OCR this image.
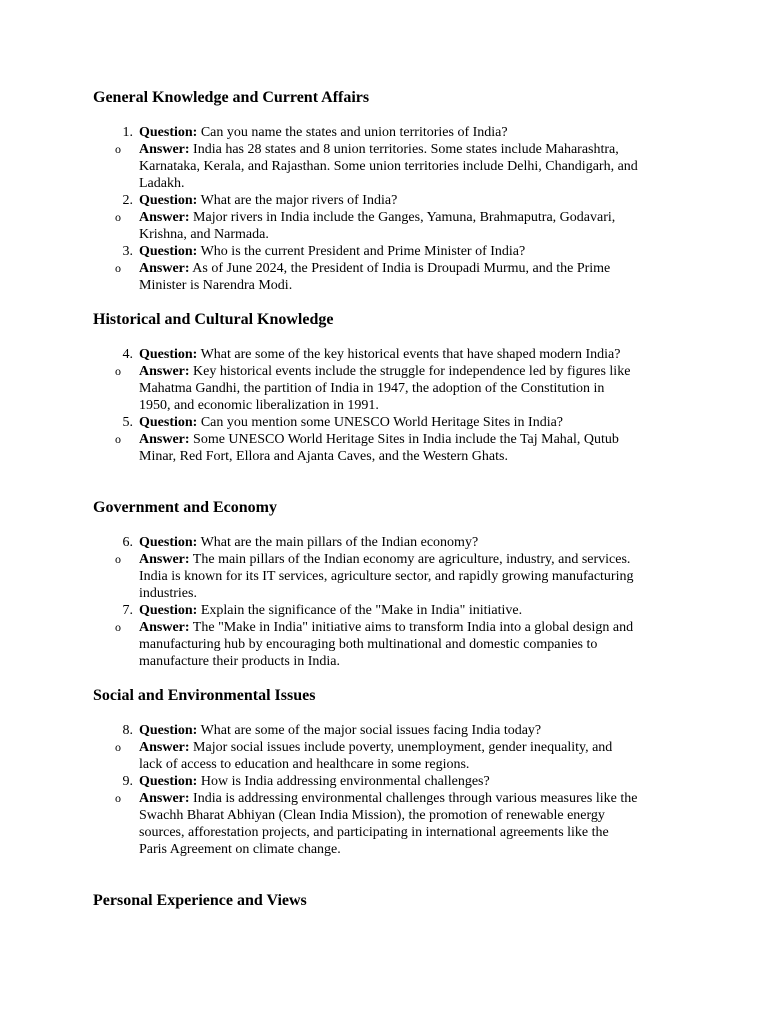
General Knowledge and Current Affairs
1. Question: Can you name the states and union territories of India?
o Answer: India has 28 states and 8 union territories. Some states include Maharashtra, Karnataka, Kerala, and Rajasthan. Some union territories include Delhi, Chandigarh, and Ladakh.
2. Question: What are the major rivers of India?
o Answer: Major rivers in India include the Ganges, Yamuna, Brahmaputra, Godavari, Krishna, and Narmada.
3. Question: Who is the current President and Prime Minister of India?
o Answer: As of June 2024, the President of India is Droupadi Murmu, and the Prime Minister is Narendra Modi.
Historical and Cultural Knowledge
4. Question: What are some of the key historical events that have shaped modern India?
o Answer: Key historical events include the struggle for independence led by figures like Mahatma Gandhi, the partition of India in 1947, the adoption of the Constitution in 1950, and economic liberalization in 1991.
5. Question: Can you mention some UNESCO World Heritage Sites in India?
o Answer: Some UNESCO World Heritage Sites in India include the Taj Mahal, Qutub Minar, Red Fort, Ellora and Ajanta Caves, and the Western Ghats.
Government and Economy
6. Question: What are the main pillars of the Indian economy?
o Answer: The main pillars of the Indian economy are agriculture, industry, and services. India is known for its IT services, agriculture sector, and rapidly growing manufacturing industries.
7. Question: Explain the significance of the "Make in India" initiative.
o Answer: The "Make in India" initiative aims to transform India into a global design and manufacturing hub by encouraging both multinational and domestic companies to manufacture their products in India.
Social and Environmental Issues
8. Question: What are some of the major social issues facing India today?
o Answer: Major social issues include poverty, unemployment, gender inequality, and lack of access to education and healthcare in some regions.
9. Question: How is India addressing environmental challenges?
o Answer: India is addressing environmental challenges through various measures like the Swachh Bharat Abhiyan (Clean India Mission), the promotion of renewable energy sources, afforestation projects, and participating in international agreements like the Paris Agreement on climate change.
Personal Experience and Views
